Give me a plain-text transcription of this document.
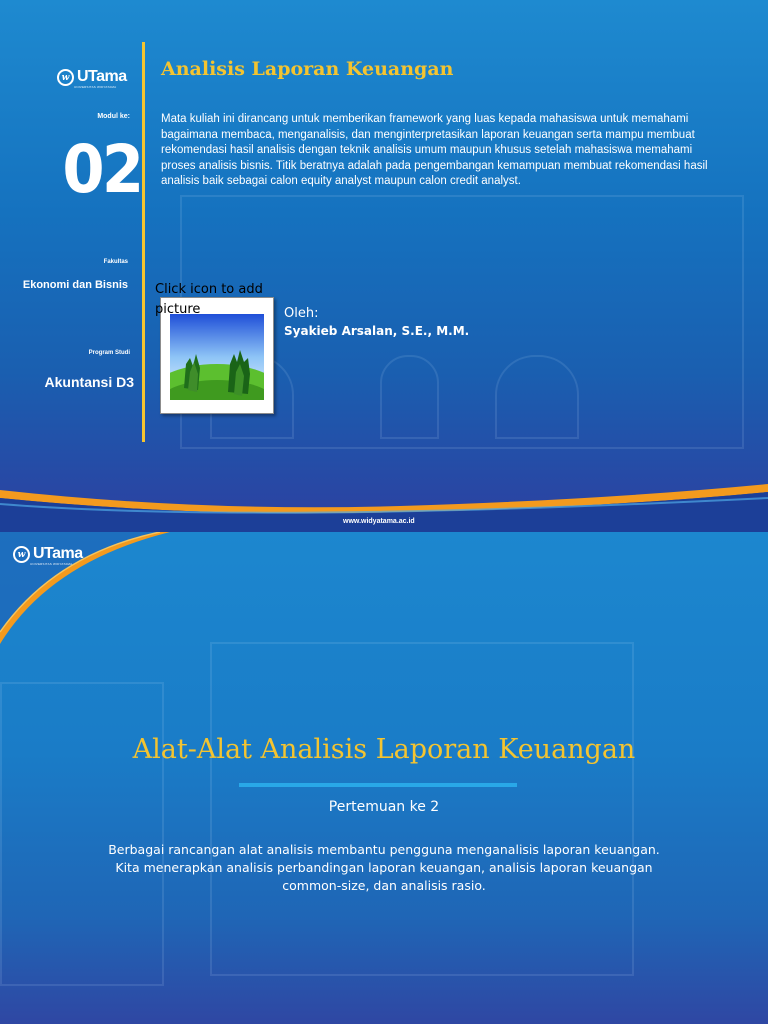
w UTama
UNIVERSITAS WIDYATAMA
Modul ke:
02
Fakultas
Ekonomi dan Bisnis
Program Studi
Akuntansi D3
Analisis Laporan Keuangan
Mata kuliah ini dirancang untuk memberikan framework yang luas kepada mahasiswa untuk memahami bagaimana membaca, menganalisis, dan menginterpretasikan laporan keuangan serta mampu membuat rekomendasi hasil analisis dengan teknik analisis umum maupun khusus setelah mahasiswa memahami proses analisis bisnis. Titik beratnya adalah pada pengembangan kemampuan membuat rekomendasi hasil analisis baik sebagai calon equity analyst maupun calon credit analyst.
Click icon to add picture	Oleh:
Syakieb Arsalan, S.E., M.M.
www.widyatama.ac.id
w UTama
UNIVERSITAS WIDYATAMA
Alat-Alat Analisis Laporan Keuangan
Pertemuan ke 2
Berbagai rancangan alat analisis membantu pengguna menganalisis laporan keuangan. Kita menerapkan analisis perbandingan laporan keuangan, analisis laporan keuangan common-size, dan analisis rasio.
